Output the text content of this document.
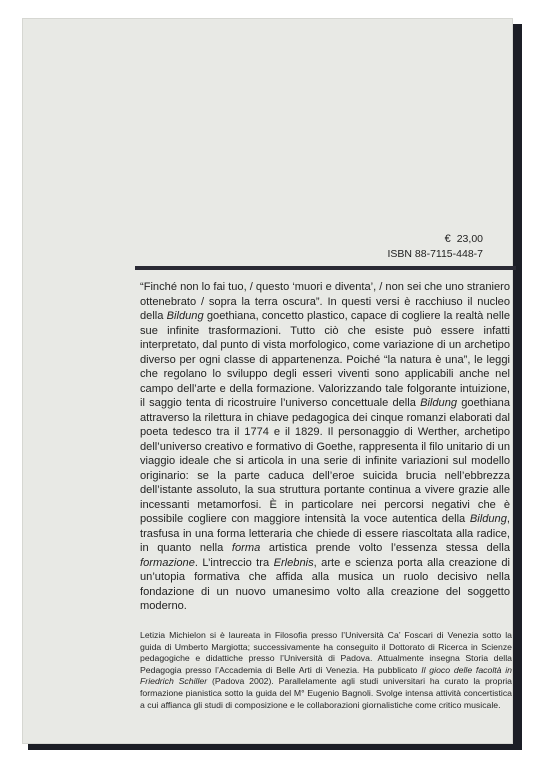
€ 23,00
ISBN 88-7115-448-7

“Finché non lo fai tuo, / questo ‘muori e diventa’, / non sei che uno straniero ottenebrato / sopra la terra oscura”. In questi versi è racchiuso il nucleo della Bildung goethiana, concetto plastico, capace di cogliere la realtà nelle sue infinite trasformazioni. Tutto ciò che esiste può essere infatti interpretato, dal punto di vista morfologico, come variazione di un archetipo diverso per ogni classe di appartenenza. Poiché “la natura è una”, le leggi che regolano lo sviluppo degli esseri viventi sono applicabili anche nel campo dell’arte e della formazione. Valorizzando tale folgorante intuizione, il saggio tenta di ricostruire l’universo concettuale della Bildung goethiana attraverso la rilettura in chiave pedagogica dei cinque romanzi elaborati dal poeta tedesco tra il 1774 e il 1829. Il personaggio di Werther, archetipo dell’universo creativo e formativo di Goethe, rappresenta il filo unitario di un viaggio ideale che si articola in una serie di infinite variazioni sul modello originario: se la parte caduca dell’eroe suicida brucia nell’ebbrezza dell’istante assoluto, la sua struttura portante continua a vivere grazie alle incessanti metamorfosi. È in particolare nei percorsi negativi che è possibile cogliere con maggiore intensità la voce autentica della Bildung, trasfusa in una forma letteraria che chiede di essere riascoltata alla radice, in quanto nella forma artistica prende volto l’essenza stessa della formazione. L’intreccio tra Erlebnis, arte e scienza porta alla creazione di un’utopia formativa che affida alla musica un ruolo decisivo nella fondazione di un nuovo umanesimo volto alla creazione del soggetto moderno.

Letizia Michielon si è laureata in Filosofia presso l’Università Ca’ Foscari di Venezia sotto la guida di Umberto Margiotta; successivamente ha conseguito il Dottorato di Ricerca in Scienze pedagogiche e didattiche presso l’Università di Padova. Attualmente insegna Storia della Pedagogia presso l’Accademia di Belle Arti di Venezia. Ha pubblicato Il gioco delle facoltà in Friedrich Schiller (Padova 2002). Parallelamente agli studi universitari ha curato la propria formazione pianistica sotto la guida del M° Eugenio Bagnoli. Svolge intensa attività concertistica a cui affianca gli studi di composizione e le collaborazioni giornalistiche come critico musicale.
